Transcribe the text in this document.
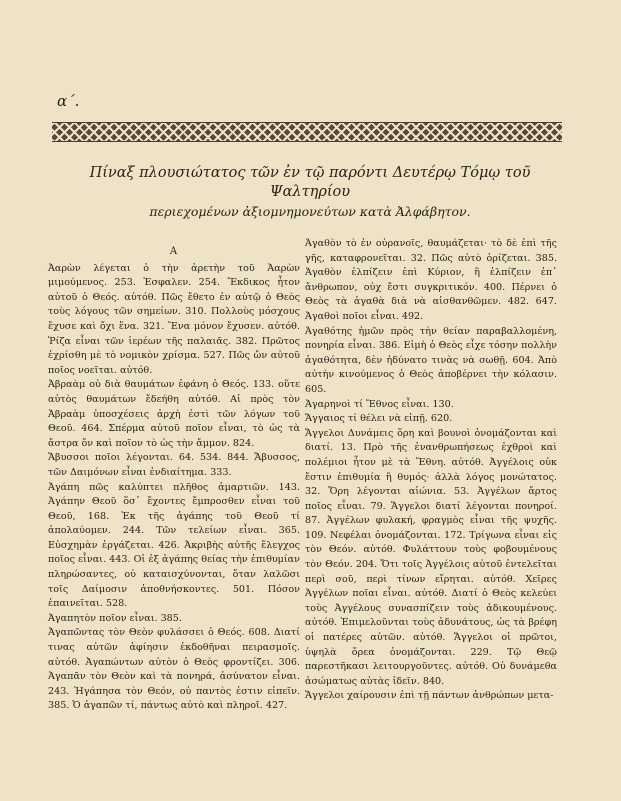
α΄.
Πίναξ πλουσιώτατος τῶν ἐν τῷ παρόντι Δευτέρῳ Τόμῳ τοῦ Ψαλτηρίου
περιεχομένων ἀξιομνημονεύτων κατὰ Ἀλφάβητον.
Α

Ἀαρὼν λέγεται ὁ τὴν ἀρετὴν τοῦ Ἀαρὼν μιμούμενος. 253. Ἐσφαλεν. 254. Ἔκδικος ἦτον αὐτοῦ ὁ Θεός. αὐτόθ. Πῶς ἔθετο ἐν αὐτῷ ὁ Θεὸς τοὺς λόγους τῶν σημείων. 310. Πολλοὺς μόσχους ἔχυσε καὶ ὄχι ἕνα. 321. Ἕνα μόνον ἔχυσεν. αὐτόθ. Ῥίζα εἶναι τῶν ἱερέων τῆς παλαιᾶς. 382. Πρῶτος ἐχρίσθη μὲ τὸ νομικὸν χρίσμα. 527. Πῶς ὤν αὐτοῦ ποῖος νοεῖται. αὐτόθ.

Ἀβραὰμ οὐ διὰ θαυμάτων ἐφάνη ὁ Θεός. 133. οὕτε αὐτὸς θαυμάτων ἔδεήθη αὐτόθ. Αἱ πρὸς τὸν Ἀβραὰμ ὑποσχέσεις ἀρχὴ ἐστὶ τῶν λόγων τοῦ Θεοῦ. 464. Σπέρμα αὐτοῦ ποῖον εἶναι, τὸ ὡς τὰ ἄστρα ὄν καὶ ποῖον τὸ ὡς τὴν ἄμμον. 824.

Ἄβυσσοι ποῖοι λέγονται. 64. 534. 844. Ἄβυσσος, τῶν Δαιμόνων εἶναι ἐνδιαίτημα. 333.

Ἀγάπη πῶς καλύπτει πλῆθος ἁμαρτιῶν. 143. Ἀγάπην Θεοῦ ὅσ᾽ ἔχοντες ἔμπροσθεν εἶναι τοῦ Θεοῦ, 168. Ἐκ τῆς ἀγάπης τοῦ Θεοῦ τί ἀπολαύομεν. 244. Τῶν τελείων εἶναι. 365. Εὐσχημὰν ἐργάζεται. 426. Ἀκριβὴς αὐτῆς ἔλεγχος ποῖος εἶναι. 443. Οἱ ἐξ ἀγάπης θείας τὴν ἐπιθυμίαν πληρώσαντες, οὐ καταισχύνονται, ὅταν λαλῶσι τοῖς Δαίμοσιν ἀποθνήσκοντες. 501. Πόσον ἐπαινεῖται. 528.

Ἀγαπητὸν ποῖον εἶναι. 385.

Ἀγαπῶντας τὸν Θεὸν φυλάσσει ὁ Θεός. 608. Διατί τινας αὐτῶν ἀφίησιν ἐκδοθῆναι πειρασμοῖς. αὐτόθ. Ἀγαπώντων αὐτὸν ὁ Θεὸς φροντίζει. 306. Ἀγαπᾶν τὸν Θεὸν καὶ τὰ πονηρά, ἀσύνατον εἶναι. 243. Ἠγάπησα τὸν Θεόν, οὐ παντὸς ἐστιν εἰπεῖν. 385. Ὁ ἀγαπῶν τί, πάντως αὐτὸ καὶ πληροῖ. 427.

Ἀγαθὸν τὸ ἐν οὐρανοῖς, θαυμάζεται· τὸ δὲ ἐπὶ τῆς γῆς, καταφρονεῖται. 32. Πῶς αὐτὸ ὁρίζεται. 385. Ἀγαθὸν ἐλπίζειν ἐπὶ Κύριον, ἢ ἐλπίζειν ἐπ᾽ ἄνθρωπον, οὐχ ἔστι συγκριτικόν. 400. Πέρνει ὁ Θεὸς τὰ ἀγαθὰ διὰ νὰ αἰσθανθῶμεν. 482. 647. Ἀγαθοὶ ποῖοι εἶναι. 492.

Ἀγαθότης ἡμῶν πρὸς τὴν θείαν παραβαλλομένη, πονηρία εἶναι. 386. Εἰμὴ ὁ Θεὸς εἶχε τόσην πολλὴν ἀγαθότητα, δὲν ἠδύνατο τινὰς νὰ σωθῇ. 604. Ἀπὸ αὐτὴν κινούμενος ὁ Θεὸς ἀποβέρνει τὴν κόλασιν. 605.

Ἀγαρηνοὶ τί Ἔθνος εἶναι. 130.

Ἄγγαιος τί θέλει νὰ εἰπῇ. 620.

Ἄγγελοι Δυνάμεις ὅρη καὶ βουνοὶ ὀνομάζονται καὶ διατί. 13. Πρὸ τῆς ἐνανθρωπήσεως ἐχθροὶ καὶ πολέμιοι ἦτον μὲ τὰ Ἔθνη. αὐτόθ. Ἀγγέλοις οὐκ ἔστιν ἐπιθυμία ἢ θυμός· ἀλλὰ λόγος μονώτατος. 32. Ὅρη λέγονται αἰώνια. 53. Ἀγγέλων ἄρτος ποῖος εἶναι. 79. Ἄγγελοι διατί λέγονται πονηροί. 87. Ἀγγέλων φυλακή, φραγμὸς εἶναι τῆς ψυχῆς. 109. Νεφέλαι ὀνομάζονται. 172. Τρίγωνα εἶναι εἰς τὸν Θεόν. αὐτόθ. Φυλάττουν τοὺς φοβουμένους τὸν Θεόν. 204. Ὅτι τοῖς Ἀγγέλοις αὐτοῦ ἐντελεῖται περὶ σοῦ, περὶ τίνων εἴρηται. αὐτόθ. Χεῖρες Ἀγγέλων ποῖαι εἶναι. αὐτόθ. Διατί ὁ Θεὸς κελεύει τοὺς Ἀγγέλους συνασπίζειν τοὺς ἀδικουμένους. αὐτόθ. Ἐπιμελοῦνται τοὺς ἀδυνάτους, ὡς τὰ βρέφη οἱ πατέρες αὐτῶν. αὐτόθ. Ἄγγελοι οἱ πρῶτοι, ὑψηλὰ ὄρεα ὀνομάζονται. 229. Τῷ Θεῷ παρεστῆκασι λειτουργοῦντες. αὐτόθ. Οὐ δυνάμεθα ἀσώματως αὐτὰς ἰδεῖν. 840.

Ἄγγελοι χαίρουσιν ἐπὶ τῇ πάντων ἀνθρώπων μετα-
